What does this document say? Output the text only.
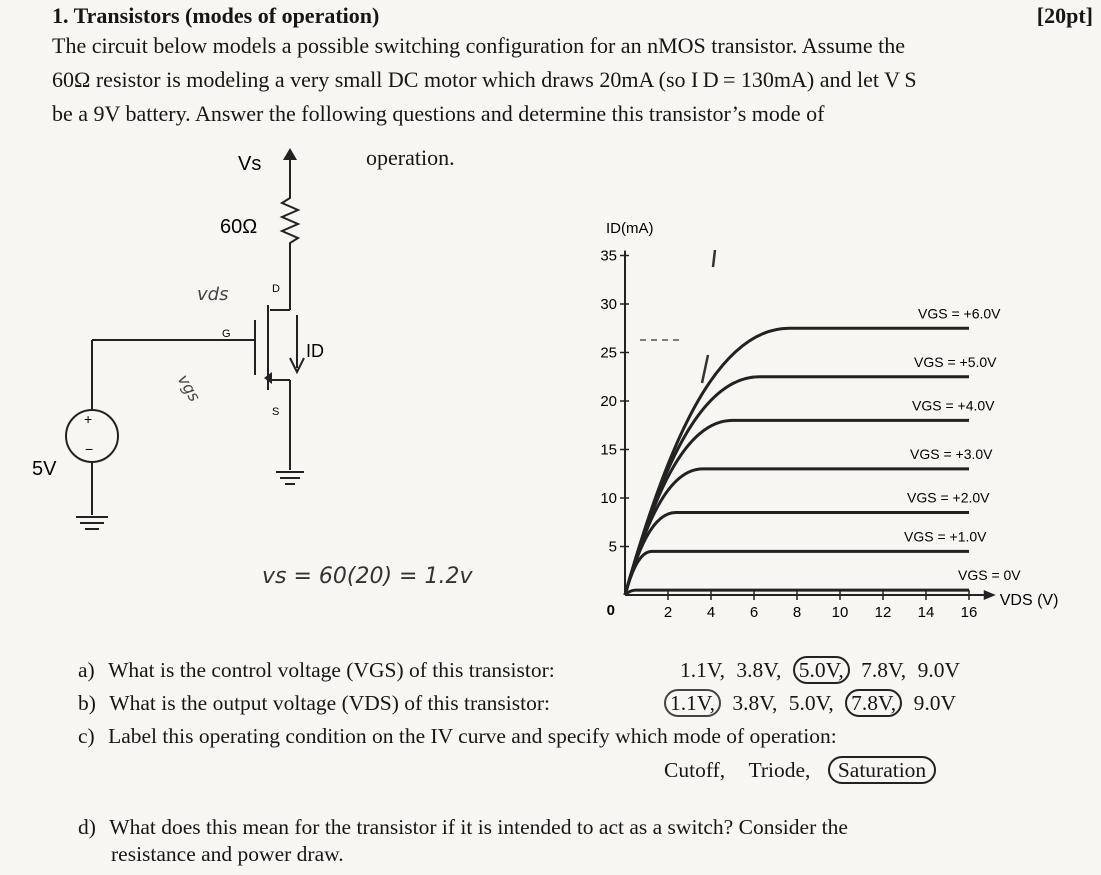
1. Transistors (modes of operation)	[20pt]
The circuit below models a possible switching configuration for an nMOS transistor. Assume the
60Ω resistor is modeling a very small DC motor which draws 20mA (so I D = 130mA) and let V S
be a 9V battery. Answer the following questions and determine this transistor’s mode of
operation.
Vs
60Ω
D
G
S
ID
+
−
5V
vds
vgs
vs = 60(20) = 1.2v
2 4 6 8 10 12 14 16
5
10
15
20
25
30
35
0
VGS = +6.0V
VGS = +5.0V
VGS = +4.0V
VGS = +3.0V
VGS = +2.0V
VGS = +1.0V
VGS = 0V
ID(mA)
VDS (V)
a) What is the control voltage (VGS) of this transistor:	1.1V, 3.8V, 5.0V, 7.8V, 9.0V
b) What is the output voltage (VDS) of this transistor:	1.1V, 3.8V, 5.0V, 7.8V, 9.0V
c) Label this operating condition on the IV curve and specify which mode of operation:
Cutoff, Triode, Saturation
d) What does this mean for the transistor if it is intended to act as a switch? Consider the
resistance and power draw.
